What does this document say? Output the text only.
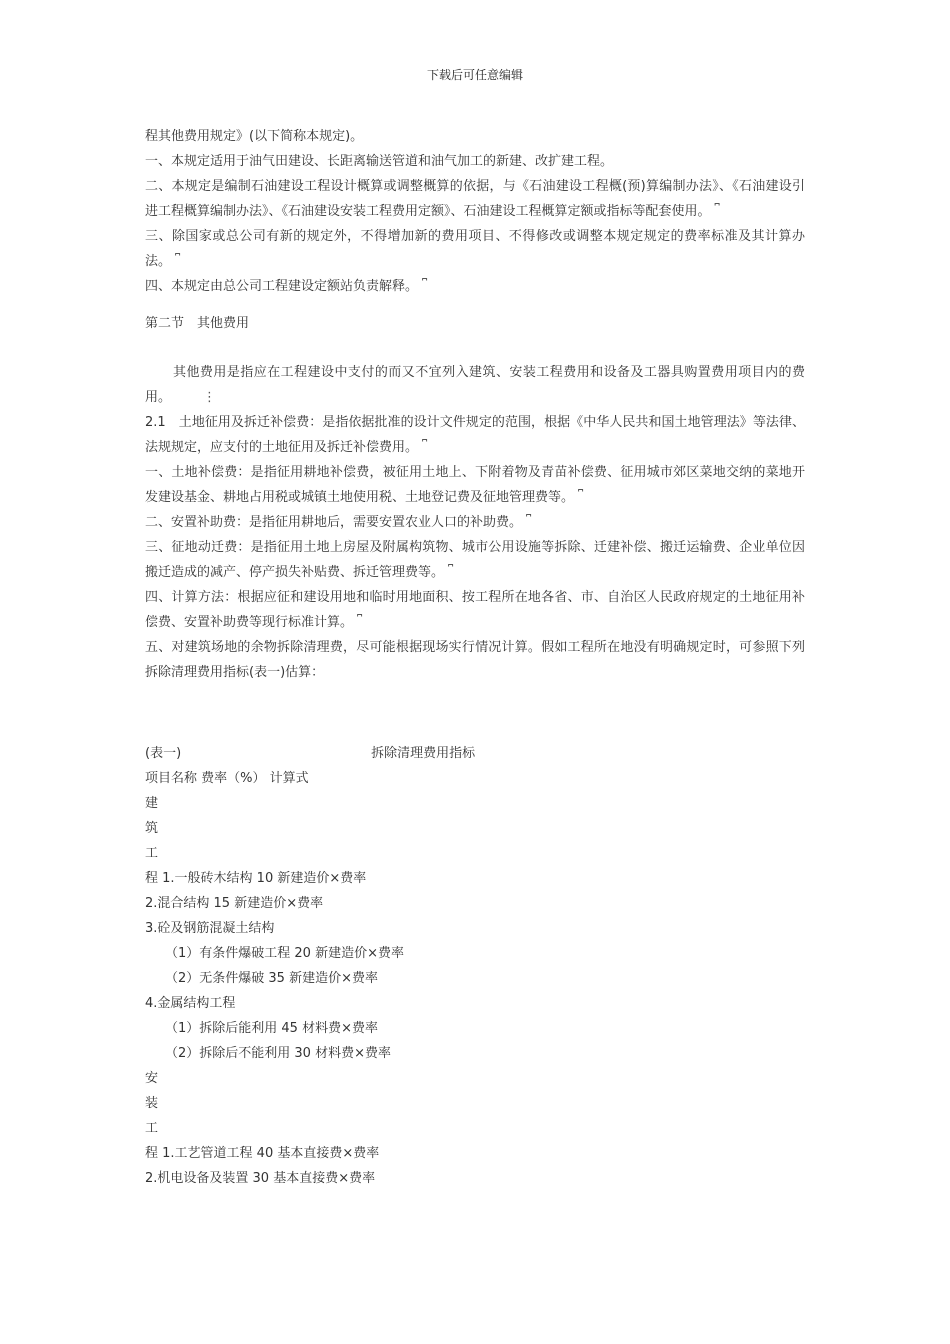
下载后可任意编辑

程其他费用规定》(以下简称本规定)。

一、本规定适用于油气田建设、长距离输送管道和油气加工的新建、改扩建工程。

二、本规定是编制石油建设工程设计概算或调整概算的依据，与《石油建设工程概(预)算编制办法》、《石油建设引进工程概算编制办法》、《石油建设安装工程费用定额》、石油建设工程概算定额或指标等配套使用。 ⎴

三、除国家或总公司有新的规定外，不得增加新的费用项目、不得修改或调整本规定规定的费率标准及其计算办法。 ⎴

四、本规定由总公司工程建设定额站负责解释。 ⎴

第二节　其他费用

其他费用是指应在工程建设中支付的而又不宜列入建筑、安装工程费用和设备及工器具购置费用项目内的费用。 ⋮

2.1　土地征用及拆迁补偿费：是指依据批准的设计文件规定的范围，根据《中华人民共和国土地管理法》等法律、法规规定，应支付的土地征用及拆迁补偿费用。 ⎴

一、土地补偿费：是指征用耕地补偿费，被征用土地上、下附着物及青苗补偿费、征用城市郊区菜地交纳的菜地开发建设基金、耕地占用税或城镇土地使用税、土地登记费及征地管理费等。 ⎴

二、安置补助费：是指征用耕地后，需要安置农业人口的补助费。 ⎴

三、征地动迁费：是指征用土地上房屋及附属构筑物、城市公用设施等拆除、迁建补偿、搬迁运输费、企业单位因搬迁造成的减产、停产损失补贴费、拆迁管理费等。 ⎴

四、计算方法：根据应征和建设用地和临时用地面积、按工程所在地各省、市、自治区人民政府规定的土地征用补偿费、安置补助费等现行标准计算。 ⎴

五、对建筑场地的余物拆除清理费，尽可能根据现场实行情况计算。假如工程所在地没有明确规定时，可参照下列拆除清理费用指标(表一)估算：

(表一)	拆除清理费用指标

项目名称 费率（%） 计算式

建

筑

工

程 1.一般砖木结构 10 新建造价×费率

2.混合结构 15 新建造价×费率

3.砼及钢筋混凝土结构

（1）有条件爆破工程 20 新建造价×费率

（2）无条件爆破 35 新建造价×费率

4.金属结构工程

（1）拆除后能利用 45 材料费×费率

（2）拆除后不能利用 30 材料费×费率

安

装

工

程 1.工艺管道工程 40 基本直接费×费率

2.机电设备及装置 30 基本直接费×费率
